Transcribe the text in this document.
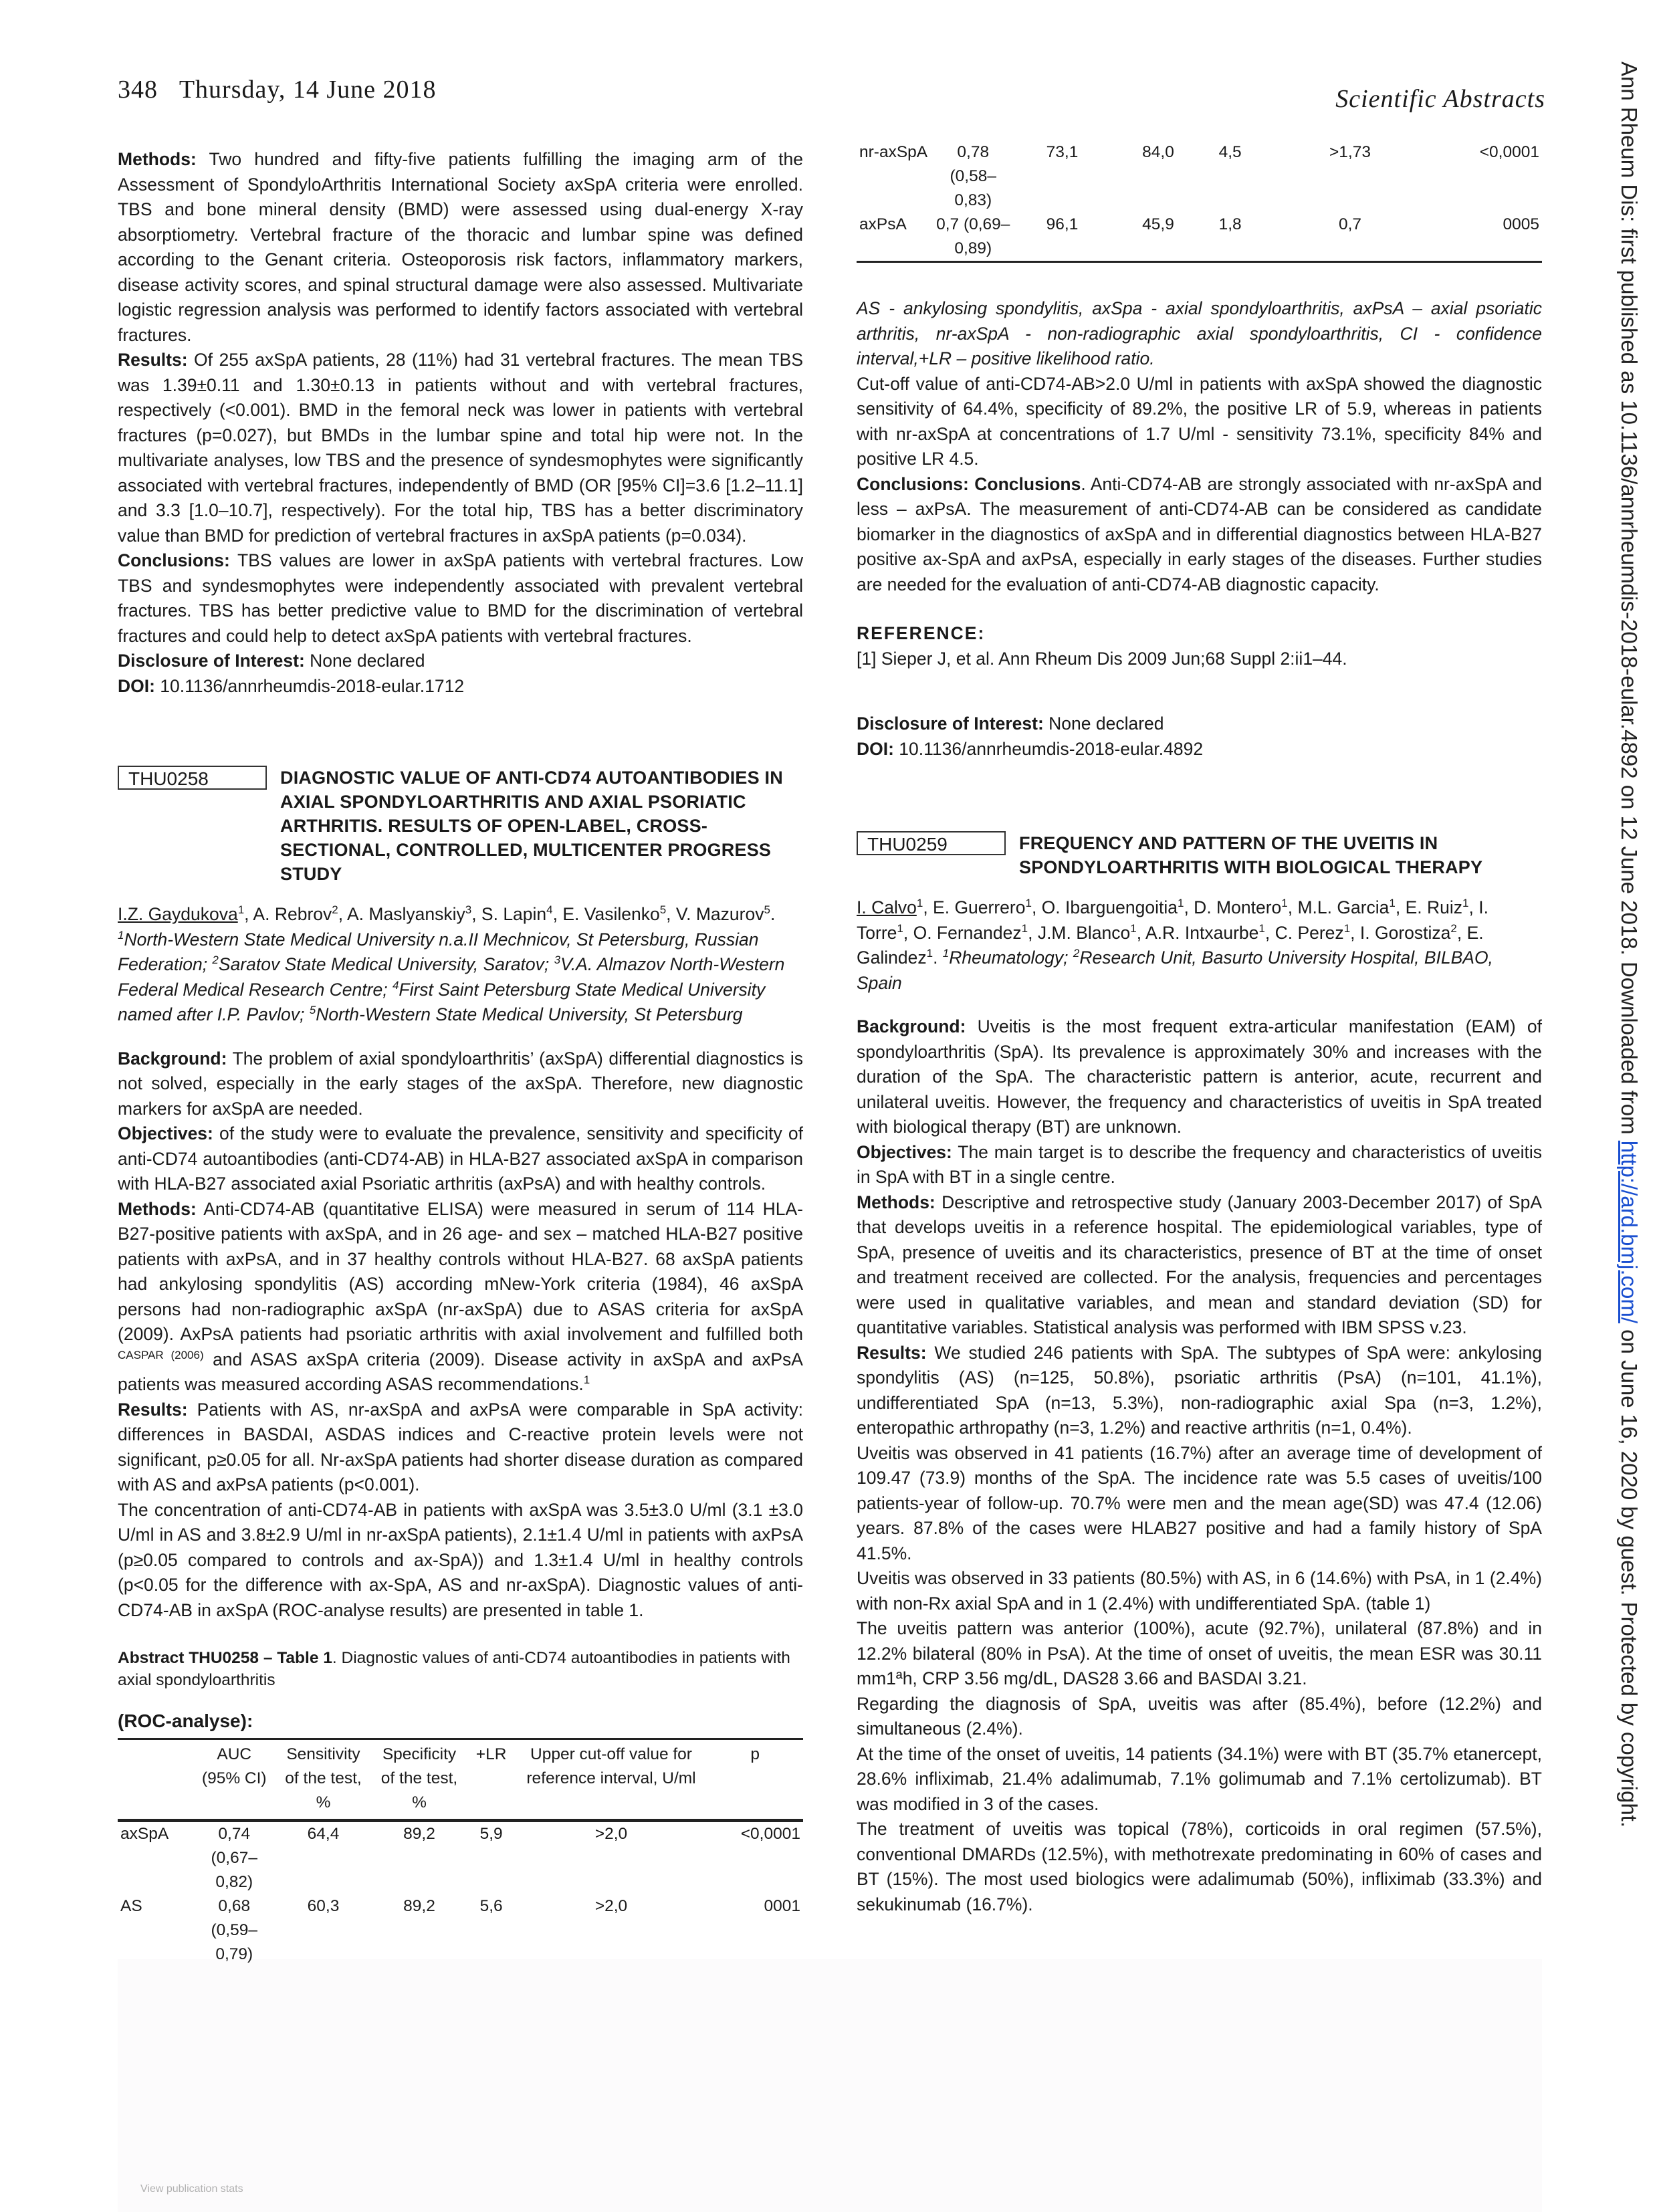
348 Thursday, 14 June 2018	Scientific Abstracts	Ann Rheum Dis: first published as 10.1136/annrheumdis-2018-eular.4892 on 12 June 2018. Downloaded from http://ard.bmj.com/ on June 16, 2020 by guest. Protected by copyright.

Methods: Two hundred and fifty-five patients fulfilling the imaging arm of the Assessment of SpondyloArthritis International Society axSpA criteria were enrolled. TBS and bone mineral density (BMD) were assessed using dual-energy X-ray absorptiometry. Vertebral fracture of the thoracic and lumbar spine was defined according to the Genant criteria. Osteoporosis risk factors, inflammatory markers, disease activity scores, and spinal structural damage were also assessed. Multivariate logistic regression analysis was performed to identify factors associated with vertebral fractures.

Results: Of 255 axSpA patients, 28 (11%) had 31 vertebral fractures. The mean TBS was 1.39±0.11 and 1.30±0.13 in patients without and with vertebral fractures, respectively (<0.001). BMD in the femoral neck was lower in patients with vertebral fractures (p=0.027), but BMDs in the lumbar spine and total hip were not. In the multivariate analyses, low TBS and the presence of syndesmophytes were significantly associated with vertebral fractures, independently of BMD (OR [95% CI]=3.6 [1.2–11.1] and 3.3 [1.0–10.7], respectively). For the total hip, TBS has a better discriminatory value than BMD for prediction of vertebral fractures in axSpA patients (p=0.034).

Conclusions: TBS values are lower in axSpA patients with vertebral fractures. Low TBS and syndesmophytes were independently associated with prevalent vertebral fractures. TBS has better predictive value to BMD for the discrimination of vertebral fractures and could help to detect axSpA patients with vertebral fractures.

Disclosure of Interest: None declared

DOI: 10.1136/annrheumdis-2018-eular.1712

THU0258	DIAGNOSTIC VALUE OF ANTI-CD74 AUTOANTIBODIES IN AXIAL SPONDYLOARTHRITIS AND AXIAL PSORIATIC ARTHRITIS. RESULTS OF OPEN-LABEL, CROSS-SECTIONAL, CONTROLLED, MULTICENTER PROGRESS STUDY

I.Z. Gaydukova$^1$, A. Rebrov$^2$, A. Maslyanskiy$^3$, S. Lapin$^4$, E. Vasilenko$^5$, V. Mazurov$^5$. $^1$North-Western State Medical University n.a.II Mechnicov, St Petersburg, Russian Federation; $^2$Saratov State Medical University, Saratov; $^3$V.A. Almazov North-Western Federal Medical Research Centre; $^4$First Saint Petersburg State Medical University named after I.P. Pavlov; $^5$North-Western State Medical University, St Petersburg

Background: The problem of axial spondyloarthritis’ (axSpA) differential diagnostics is not solved, especially in the early stages of the axSpA. Therefore, new diagnostic markers for axSpA are needed.

Objectives: of the study were to evaluate the prevalence, sensitivity and specificity of anti-CD74 autoantibodies (anti-CD74-AB) in HLA-B27 associated axSpA in comparison with HLA-B27 associated axial Psoriatic arthritis (axPsA) and with healthy controls.

Methods: Anti-CD74-AB (quantitative ELISA) were measured in serum of 114 HLA-B27-positive patients with axSpA, and in 26 age- and sex – matched HLA-B27 positive patients with axPsA, and in 37 healthy controls without HLA-B27. 68 axSpA patients had ankylosing spondylitis (AS) according mNew-York criteria (1984), 46 axSpA persons had non-radiographic axSpA (nr-axSpA) due to ASAS criteria for axSpA (2009). AxPsA patients had psoriatic arthritis with axial involvement and fulfilled both $^{CASPAR (2006)}$ and ASAS axSpA criteria (2009). Disease activity in axSpA and axPsA patients was measured according ASAS recommendations.$^1$

Results: Patients with AS, nr-axSpA and axPsA were comparable in SpA activity: differences in BASDAI, ASDAS indices and C-reactive protein levels were not significant, p≥0.05 for all. Nr-axSpA patients had shorter disease duration as compared with AS and axPsA patients (p<0.001).

The concentration of anti-CD74-AB in patients with axSpA was 3.5±3.0 U/ml (3.1 ±3.0 U/ml in AS and 3.8±2.9 U/ml in nr-axSpA patients), 2.1±1.4 U/ml in patients with axPsA (p≥0.05 compared to controls and ax-SpA)) and 1.3±1.4 U/ml in healthy controls (p<0.05 for the difference with ax-SpA, AS and nr-axSpA). Diagnostic values of anti-CD74-AB in axSpA (ROC-analyse results) are presented in table 1.

Abstract THU0258 – Table 1. Diagnostic values of anti-CD74 autoantibodies in patients with axial spondyloarthritis

(ROC-analyse):
	AUC (95% CI)	Sensitivity of the test, %	Specificity of the test, %	+LR	Upper cut-off value for reference interval, U/ml	p
axSpA	0,74 (0,67–0,82)	64,4	89,2	5,9	>2,0	<0,0001
AS	0,68 (0,59–0,79)	60,3	89,2	5,6	>2,0	0001
View publication stats
nr-axSpA	0,78 (0,58–0,83)	73,1	84,0	4,5	>1,73	<0,0001
axPsA	0,7 (0,69–0,89)	96,1	45,9	1,8	0,7	0005

AS - ankylosing spondylitis, axSpa - axial spondyloarthritis, axPsA – axial psoriatic arthritis, nr-axSpA - non-radiographic axial spondyloarthritis, CI - confidence interval,+LR – positive likelihood ratio.

Cut-off value of anti-CD74-AB>2.0 U/ml in patients with axSpA showed the diagnostic sensitivity of 64.4%, specificity of 89.2%, the positive LR of 5.9, whereas in patients with nr-axSpA at concentrations of 1.7 U/ml - sensitivity 73.1%, specificity 84% and positive LR 4.5.

Conclusions: Conclusions. Anti-CD74-AB are strongly associated with nr-axSpA and less – axPsA. The measurement of anti-CD74-AB can be considered as candidate biomarker in the diagnostics of axSpA and in differential diagnostics between HLA-B27 positive ax-SpA and axPsA, especially in early stages of the diseases. Further studies are needed for the evaluation of anti-CD74-AB diagnostic capacity.

REFERENCE:

[1] Sieper J, et al. Ann Rheum Dis 2009 Jun;68 Suppl 2:ii1–44.

Disclosure of Interest: None declared

DOI: 10.1136/annrheumdis-2018-eular.4892

THU0259	FREQUENCY AND PATTERN OF THE UVEITIS IN SPONDYLOARTHRITIS WITH BIOLOGICAL THERAPY

I. Calvo$^1$, E. Guerrero$^1$, O. Ibarguengoitia$^1$, D. Montero$^1$, M.L. Garcia$^1$, E. Ruiz$^1$, I. Torre$^1$, O. Fernandez$^1$, J.M. Blanco$^1$, A.R. Intxaurbe$^1$, C. Perez$^1$, I. Gorostiza$^2$, E. Galindez$^1$. $^1$Rheumatology; $^2$Research Unit, Basurto University Hospital, BILBAO, Spain

Background: Uveitis is the most frequent extra-articular manifestation (EAM) of spondyloarthritis (SpA). Its prevalence is approximately 30% and increases with the duration of the SpA. The characteristic pattern is anterior, acute, recurrent and unilateral uveitis. However, the frequency and characteristics of uveitis in SpA treated with biological therapy (BT) are unknown.

Objectives: The main target is to describe the frequency and characteristics of uveitis in SpA with BT in a single centre.

Methods: Descriptive and retrospective study (January 2003-December 2017) of SpA that develops uveitis in a reference hospital. The epidemiological variables, type of SpA, presence of uveitis and its characteristics, presence of BT at the time of onset and treatment received are collected. For the analysis, frequencies and percentages were used in qualitative variables, and mean and standard deviation (SD) for quantitative variables. Statistical analysis was performed with IBM SPSS v.23.

Results: We studied 246 patients with SpA. The subtypes of SpA were: ankylosing spondylitis (AS) (n=125, 50.8%), psoriatic arthritis (PsA) (n=101, 41.1%), undifferentiated SpA (n=13, 5.3%), non-radiographic axial Spa (n=3, 1.2%), enteropathic arthropathy (n=3, 1.2%) and reactive arthritis (n=1, 0.4%).

Uveitis was observed in 41 patients (16.7%) after an average time of development of 109.47 (73.9) months of the SpA. The incidence rate was 5.5 cases of uveitis/100 patients-year of follow-up. 70.7% were men and the mean age(SD) was 47.4 (12.06) years. 87.8% of the cases were HLAB27 positive and had a family history of SpA 41.5%.

Uveitis was observed in 33 patients (80.5%) with AS, in 6 (14.6%) with PsA, in 1 (2.4%) with non-Rx axial SpA and in 1 (2.4%) with undifferentiated SpA. (table 1)

The uveitis pattern was anterior (100%), acute (92.7%), unilateral (87.8%) and in 12.2% bilateral (80% in PsA). At the time of onset of uveitis, the mean ESR was 30.11 mm1ªh, CRP 3.56 mg/dL, DAS28 3.66 and BASDAI 3.21.

Regarding the diagnosis of SpA, uveitis was after (85.4%), before (12.2%) and simultaneous (2.4%).

At the time of the onset of uveitis, 14 patients (34.1%) were with BT (35.7% etanercept, 28.6% infliximab, 21.4% adalimumab, 7.1% golimumab and 7.1% certolizumab). BT was modified in 3 of the cases.

The treatment of uveitis was topical (78%), corticoids in oral regimen (57.5%), conventional DMARDs (12.5%), with methotrexate predominating in 60% of cases and BT (15%). The most used biologics were adalimumab (50%), infliximab (33.3%) and sekukinumab (16.7%).
